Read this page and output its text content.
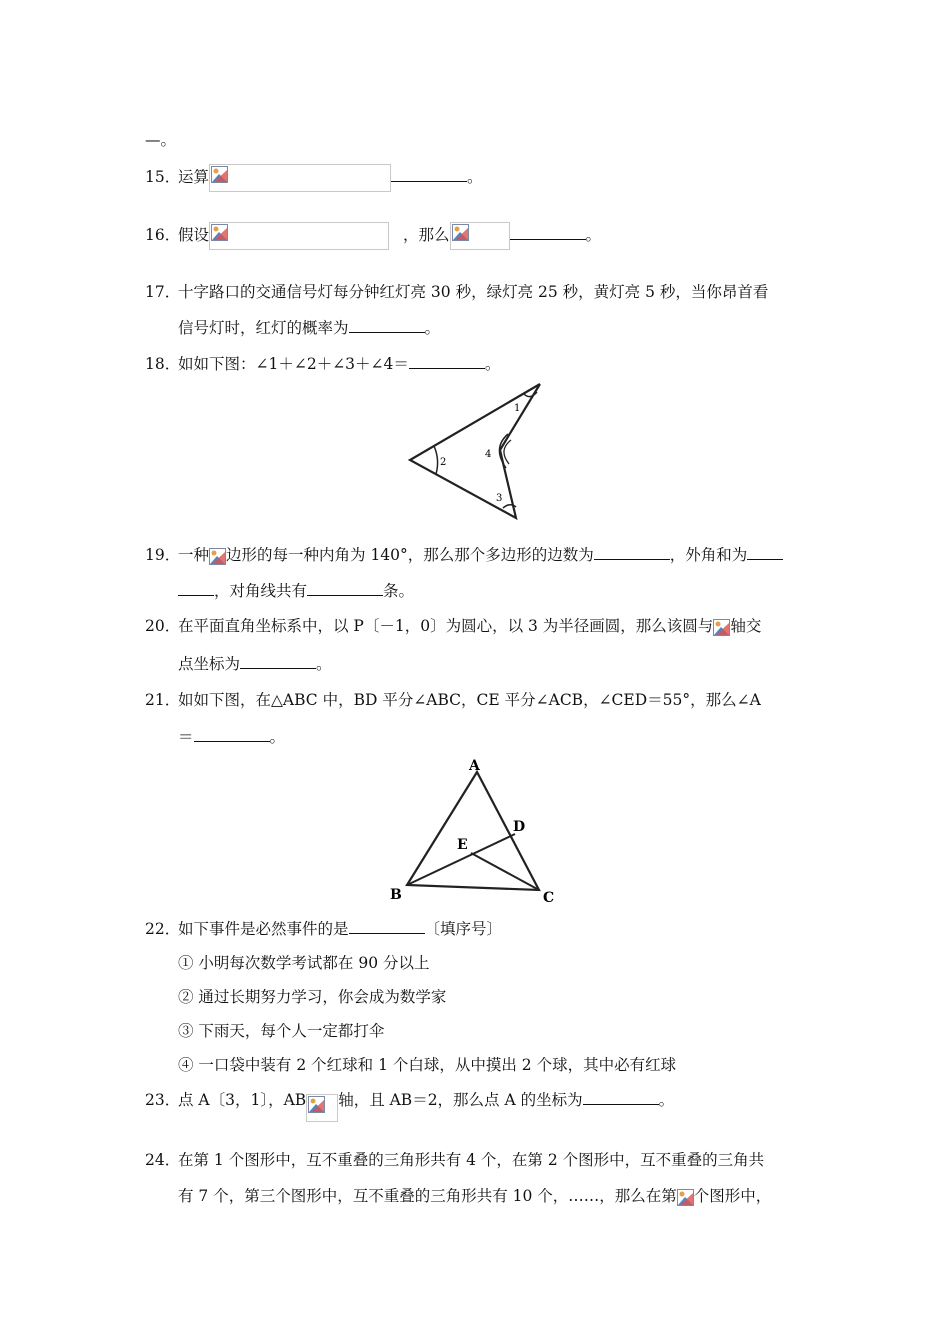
—。
15．运算	。
16．假设	，那么	。
17．十字路口的交通信号灯每分钟红灯亮 30 秒，绿灯亮 25 秒，黄灯亮 5 秒，当你昂首看
信号灯时，红灯的概率为	。
18．如如下图：∠1＋∠2＋∠3＋∠4＝	。
1
2
3
4
19．一种 边形的每一种内角为 140°，那么那个多边形的边数为	，外角和为
，对角线共有	条。
20．在平面直角坐标系中，以 P〔－1，0〕为圆心，以 3 为半径画圆，那么该圆与 轴交
点坐标为	。
21．如如下图，在△ABC 中，BD 平分∠ABC，CE 平分∠ACB，∠CED＝55°，那么∠A
＝	。
A
B	C
D
E
22．如下事件是必然事件的是	〔填序号〕
① 小明每次数学考试都在 90 分以上
② 通过长期努力学习，你会成为数学家
③ 下雨天，每个人一定都打伞
④ 一口袋中装有 2 个红球和 1 个白球，从中摸出 2 个球，其中必有红球
23．点 A〔3，1〕，AB 轴，且 AB＝2，那么点 A 的坐标为	。
24．在第 1 个图形中，互不重叠的三角形共有 4 个，在第 2 个图形中，互不重叠的三角共
有 7 个，第三个图形中，互不重叠的三角形共有 10 个，……，那么在第 个图形中，
